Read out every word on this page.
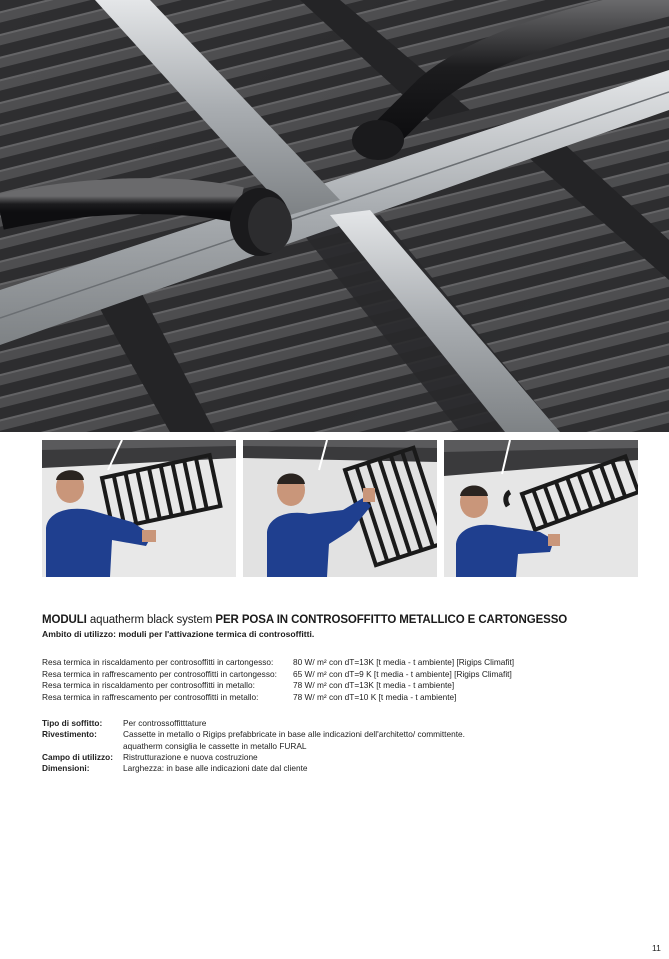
MODULI aquatherm black system PER POSA IN CONTROSOFFITTO METALLICO E CARTONGESSO
Ambito di utilizzo: moduli per l'attivazione termica di controsoffitti.
Resa termica in riscaldamento per controsoffitti in cartongesso:	80 W/ m² con dT=13K [t media - t ambiente] [Rigips Climafit]
Resa termica in raffrescamento per controsoffitti in cartongesso:	65 W/ m² con dT=9 K [t media - t ambiente] [Rigips Climafit]
Resa termica in riscaldamento per controsoffitti in metallo:	78 W/ m² con dT=13K [t media - t ambiente]
Resa termica in raffrescamento per controsoffitti in metallo:	78 W/ m² con dT=10 K [t media - t ambiente]
Tipo di soffitto:	Per controssoffitttature
Rivestimento:	Cassette in metallo o Rigips prefabbricate in base alle indicazioni dell'architetto/ committente.
aquatherm consiglia le cassette in metallo FURAL
Campo di utilizzo:	Ristrutturazione e nuova costruzione
Dimensioni:	Larghezza: in base alle indicazioni date dal cliente
11
